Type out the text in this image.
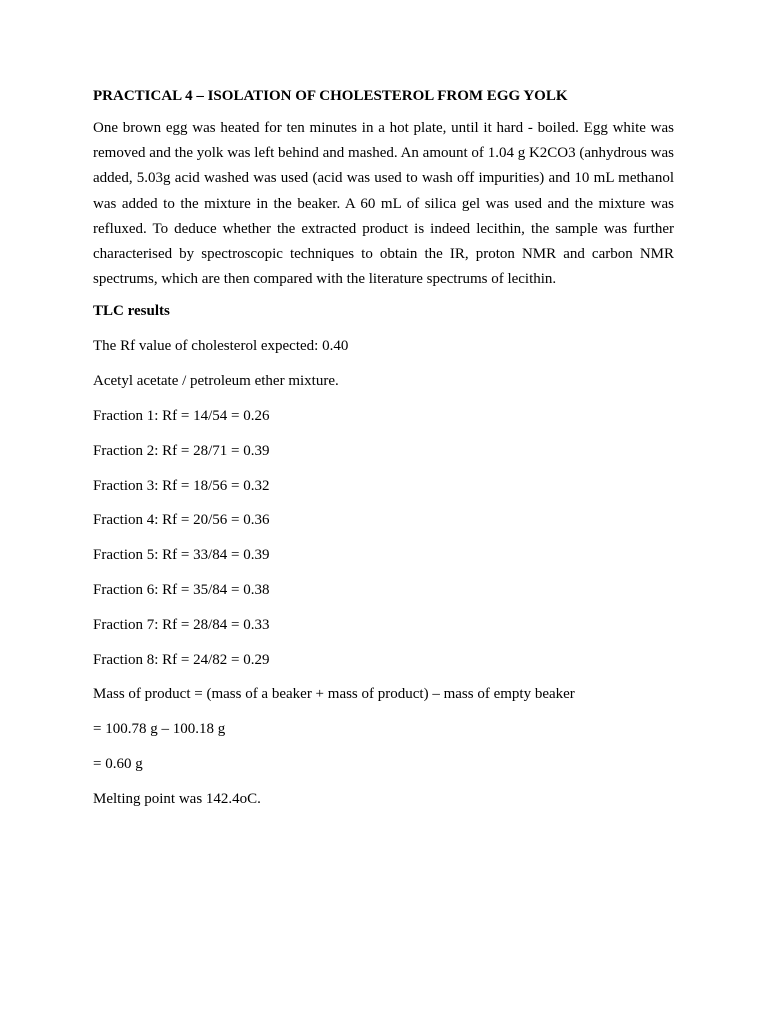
PRACTICAL 4 – ISOLATION OF CHOLESTEROL FROM EGG YOLK
One brown egg was heated for ten minutes in a hot plate, until it hard - boiled. Egg white was removed and the yolk was left behind and mashed. An amount of 1.04 g K2CO3 (anhydrous was added, 5.03g acid washed was used (acid was used to wash off impurities) and 10 mL methanol was added to the mixture in the beaker. A 60 mL of silica gel was used and the mixture was refluxed. To deduce whether the extracted product is indeed lecithin, the sample was further characterised by spectroscopic techniques to obtain the IR, proton NMR and carbon NMR spectrums, which are then compared with the literature spectrums of lecithin.
TLC results
The Rf value of cholesterol expected: 0.40
Acetyl acetate / petroleum ether mixture.
Fraction 1: Rf = 14/54 = 0.26
Fraction 2: Rf = 28/71 = 0.39
Fraction 3: Rf = 18/56 = 0.32
Fraction 4: Rf = 20/56 = 0.36
Fraction 5: Rf = 33/84 = 0.39
Fraction 6: Rf = 35/84 = 0.38
Fraction 7: Rf = 28/84 = 0.33
Fraction 8: Rf = 24/82 = 0.29
Mass of product = (mass of a beaker + mass of product) – mass of empty beaker
= 100.78 g – 100.18 g
= 0.60 g
Melting point was 142.4oC.
